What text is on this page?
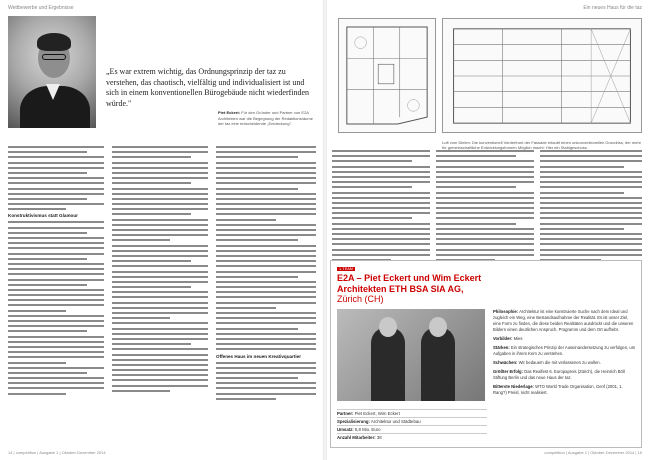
Wettbewerbe und Ergebnisse	Ein neues Haus für die taz
„Es war extrem wichtig, das Ordnungsprinzip der taz zu verstehen, das chaotisch, vielfältig und individualisiert ist und sich in einem konventionellen Bürogebäude nicht wiederfinden würde."
Piet Eckert: Für den Gründer und Partner von E2A Architekten war die Begegnung der Redaktionsräume der taz eine entscheidende „Entdeckung".
Luft vom Dielen: Die konventionell Vorderfront der Fassade erlaubt einen unkonventionellen Grundriss, der mehr für gemeinschaftliche Entwicklungsformen Möglich macht: Hier ein Stahlgeschoss.
Konstruktivismus statt Glamour
Offenes Haus im neuen Kreativquartier
1-TEAM
E2A – Piet Eckert und Wim Eckert Architekten ETH BSA SIA AG, Zürich (CH)
Partner: Piet Eckert, Wim Eckert
Spezialisierung: Architektur und Städtebau
Umsatz: 5,8 Mio. Euro
Anzahl Mitarbeiter: 38

Philosophie: Architektur ist eine konstruierte Suche nach dem Ideal und zugleich ein Weg, eine Bestandsaufnahme der Realität. Es ist unser Ziel, eine Form zu finden, die diese beiden Realitäten ausdrückt und die unseren Bildern einen deutlichen Anspruch, Programm und dem Ort aufhebt.

Vorbilder: Mies

Stärken: Ein strategisches Prinzip der Auseinandersetzung zu verfolgen, um Aufgaben in ihrem Kern zu verstehen.

Schwächen: Wir bedauern die mit verlassenen zu wollen.

Größter Erfolg: Das Realfest 6. Europapreis (Zürich), die Heinrich Böll Stiftung Berlin und das neue Haus der taz.

Bitterste Niederlage: WTO World Trade Organisation, Genf (2001, 1. Rang?) Preisl, nicht realisiert.

14 | competition | Ausgabe 1 | Oktober-Dezember 2014	competition | Ausgabe 1 | Oktober-Dezember 2014 | 15
